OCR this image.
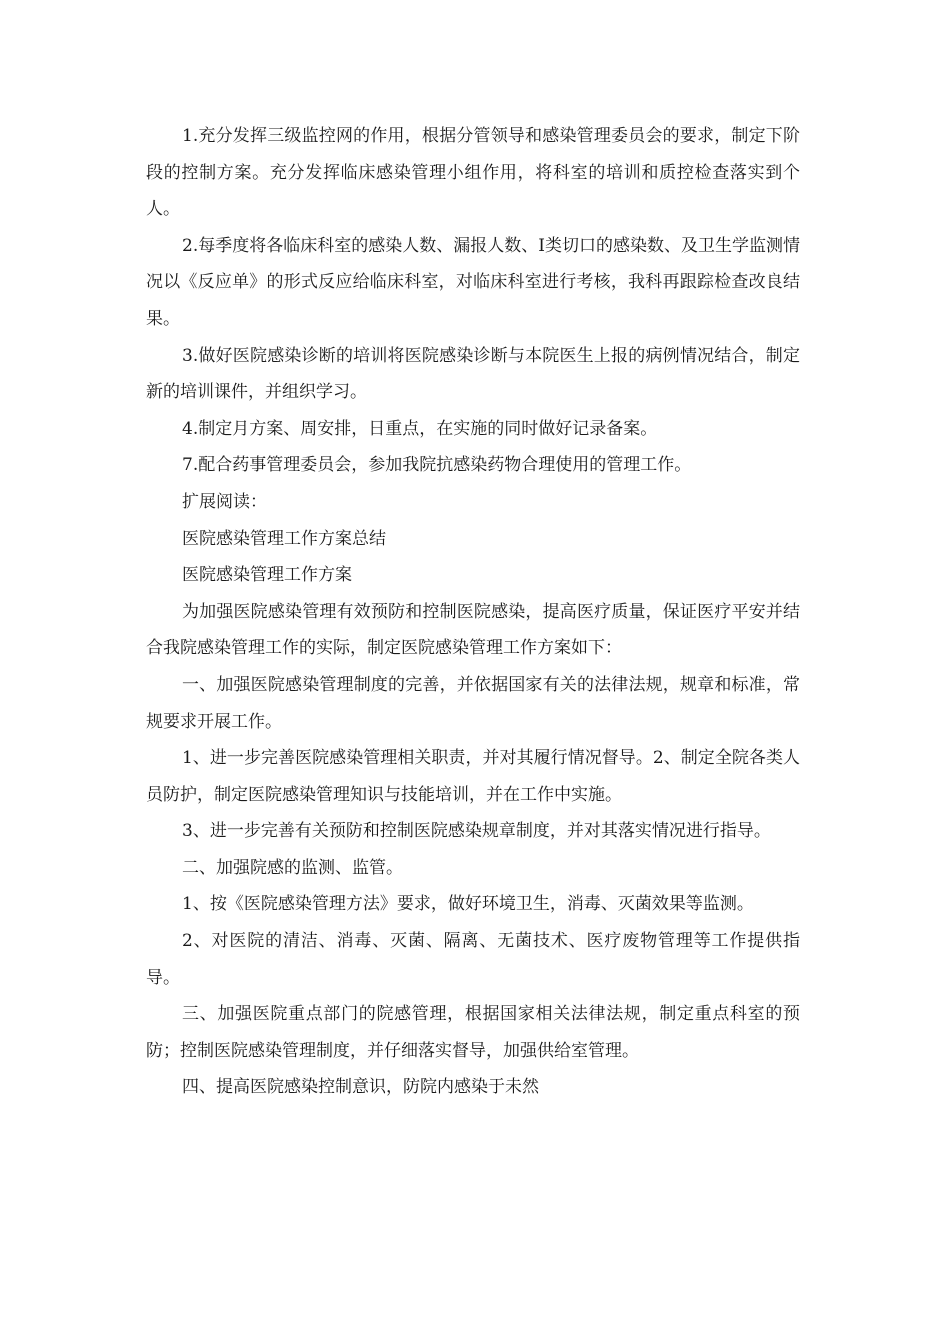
1.充分发挥三级监控网的作用，根据分管领导和感染管理委员会的要求，制定下阶段的控制方案。充分发挥临床感染管理小组作用，将科室的培训和质控检查落实到个人。

2.每季度将各临床科室的感染人数、漏报人数、I类切口的感染数、及卫生学监测情况以《反应单》的形式反应给临床科室，对临床科室进行考核，我科再跟踪检查改良结果。

3.做好医院感染诊断的培训将医院感染诊断与本院医生上报的病例情况结合，制定新的培训课件，并组织学习。

4.制定月方案、周安排，日重点，在实施的同时做好记录备案。

7.配合药事管理委员会，参加我院抗感染药物合理使用的管理工作。

扩展阅读：

医院感染管理工作方案总结

医院感染管理工作方案

为加强医院感染管理有效预防和控制医院感染，提高医疗质量，保证医疗平安并结合我院感染管理工作的实际，制定医院感染管理工作方案如下：

一、加强医院感染管理制度的完善，并依据国家有关的法律法规，规章和标准，常规要求开展工作。

1、进一步完善医院感染管理相关职责，并对其履行情况督导。2、制定全院各类人员防护，制定医院感染管理知识与技能培训，并在工作中实施。

3、进一步完善有关预防和控制医院感染规章制度，并对其落实情况进行指导。

二、加强院感的监测、监管。

1、按《医院感染管理方法》要求，做好环境卫生，消毒、灭菌效果等监测。

2、对医院的清洁、消毒、灭菌、隔离、无菌技术、医疗废物管理等工作提供指导。

三、加强医院重点部门的院感管理，根据国家相关法律法规，制定重点科室的预防；控制医院感染管理制度，并仔细落实督导，加强供给室管理。

四、提高医院感染控制意识，防院内感染于未然
